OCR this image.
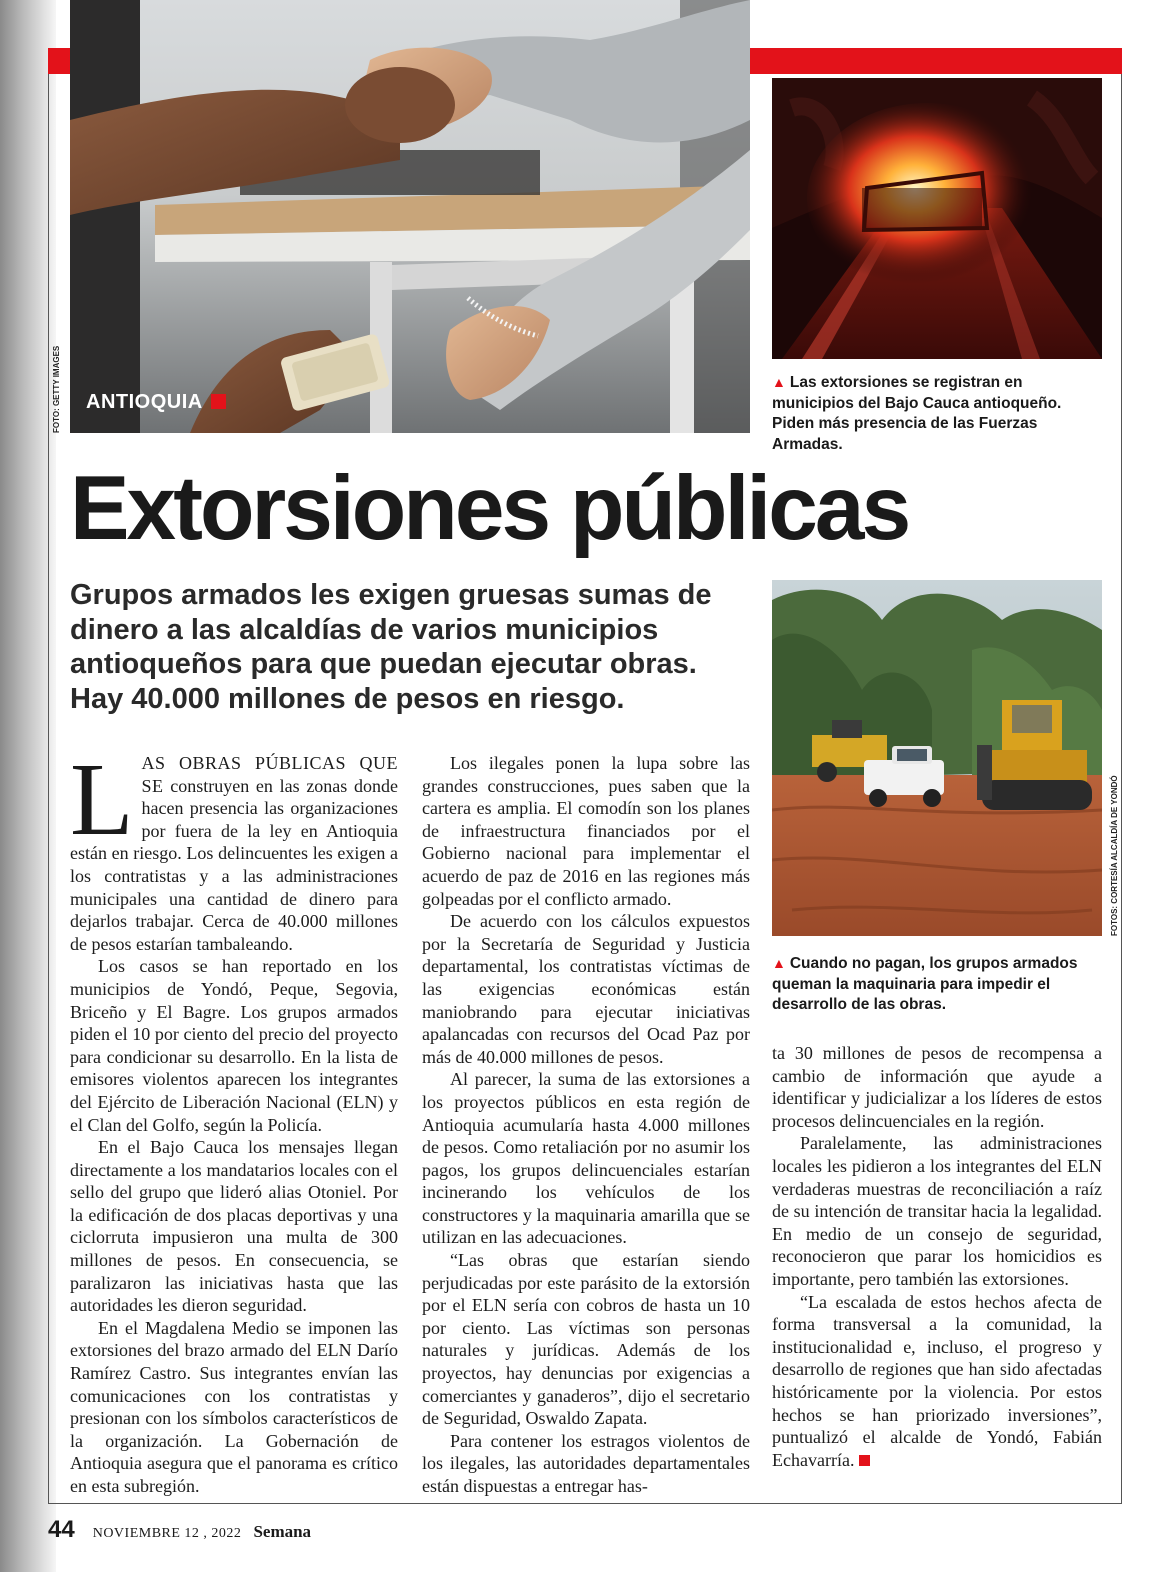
ANTIOQUIA
FOTO: GETTY IMAGES	▲ Las extorsiones se registran en municipios del Bajo Cauca antioqueño. Piden más presencia de las Fuerzas Armadas.
Extorsiones públicas
Grupos armados les exigen gruesas sumas de dinero a las alcaldías de varios municipios antioqueños para que puedan ejecutar obras. Hay 40.000 millones de pesos en riesgo.
FOTOS: CORTESÍA ALCALDÍA DE YONDÓ
▲ Cuando no pagan, los grupos armados queman la maquinaria para impedir el desarrollo de las obras.

LAS OBRAS PÚBLICAS QUE SE construyen en las zonas donde hacen presencia las organizaciones por fuera de la ley en Antioquia están en riesgo. Los delincuentes les exigen a los contratistas y a las administraciones municipales una cantidad de dinero para dejarlos trabajar. Cerca de 40.000 millones de pesos estarían tambaleando.

Los casos se han reportado en los municipios de Yondó, Peque, Segovia, Briceño y El Bagre. Los grupos armados piden el 10 por ciento del precio del proyecto para condicionar su desarrollo. En la lista de emisores violentos aparecen los integrantes del Ejército de Liberación Nacional (ELN) y el Clan del Golfo, según la Policía.

En el Bajo Cauca los mensajes llegan directamente a los mandatarios locales con el sello del grupo que lideró alias Otoniel. Por la edificación de dos placas deportivas y una ciclorruta impusieron una multa de 300 millones de pesos. En consecuencia, se paralizaron las iniciativas hasta que las autoridades les dieron seguridad.

En el Magdalena Medio se imponen las extorsiones del brazo armado del ELN Darío Ramírez Castro. Sus integrantes envían las comunicaciones con los contratistas y presionan con los símbolos característicos de la organización. La Gobernación de Antioquia asegura que el panorama es crítico en esta subregión.

Los ilegales ponen la lupa sobre las grandes construcciones, pues saben que la cartera es amplia. El comodín son los planes de infraestructura financiados por el Gobierno nacional para implementar el acuerdo de paz de 2016 en las regiones más golpeadas por el conflicto armado.

De acuerdo con los cálculos expuestos por la Secretaría de Seguridad y Justicia departamental, los contratistas víctimas de las exigencias económicas están maniobrando para ejecutar iniciativas apalancadas con recursos del Ocad Paz por más de 40.000 millones de pesos.

Al parecer, la suma de las extorsiones a los proyectos públicos en esta región de Antioquia acumularía hasta 4.000 millones de pesos. Como retaliación por no asumir los pagos, los grupos delincuenciales estarían incinerando los vehículos de los constructores y la maquinaria amarilla que se utilizan en las adecuaciones.

“Las obras que estarían siendo perjudicadas por este parásito de la extorsión por el ELN sería con cobros de hasta un 10 por ciento. Las víctimas son personas naturales y jurídicas. Además de los proyectos, hay denuncias por exigencias a comerciantes y ganaderos”, dijo el secretario de Seguridad, Oswaldo Zapata.

Para contener los estragos violentos de los ilegales, las autoridades departamentales están dispuestas a entregar has-

ta 30 millones de pesos de recompensa a cambio de información que ayude a identificar y judicializar a los líderes de estos procesos delincuenciales en la región.

Paralelamente, las administraciones locales les pidieron a los integrantes del ELN verdaderas muestras de reconciliación a raíz de su intención de transitar hacia la legalidad. En medio de un consejo de seguridad, reconocieron que parar los homicidios es importante, pero también las extorsiones.

“La escalada de estos hechos afecta de forma transversal a la comunidad, la institucionalidad e, incluso, el progreso y desarrollo de regiones que han sido afectadas históricamente por la violencia. Por estos hechos se han priorizado inversiones”, puntualizó el alcalde de Yondó, Fabián Echavarría.

44 NOVIEMBRE 12 , 2022 Semana
